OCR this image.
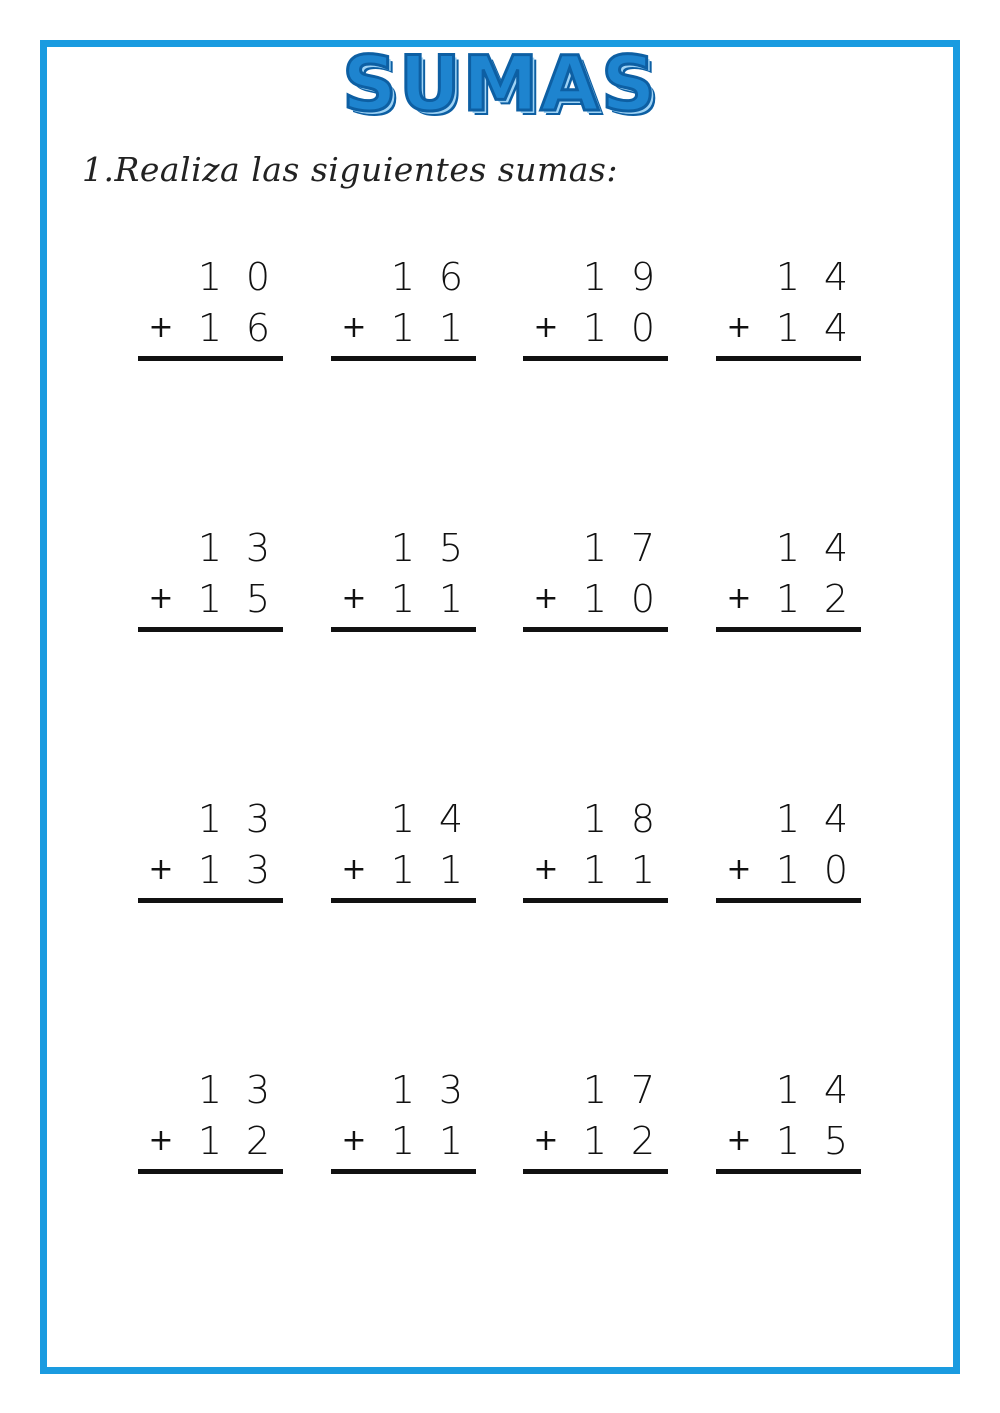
SUMAS
1.Realiza las siguientes sumas:
1 0
+ 1 6
1 6
+ 1 1
1 9
+ 1 0
1 4
+ 1 4
1 3
+ 1 5
1 5
+ 1 1
1 7
+ 1 0
1 4
+ 1 2
1 3
+ 1 3
1 4
+ 1 1
1 8
+ 1 1
1 4
+ 1 0
1 3
+ 1 2
1 3
+ 1 1
1 7
+ 1 2
1 4
+ 1 5
